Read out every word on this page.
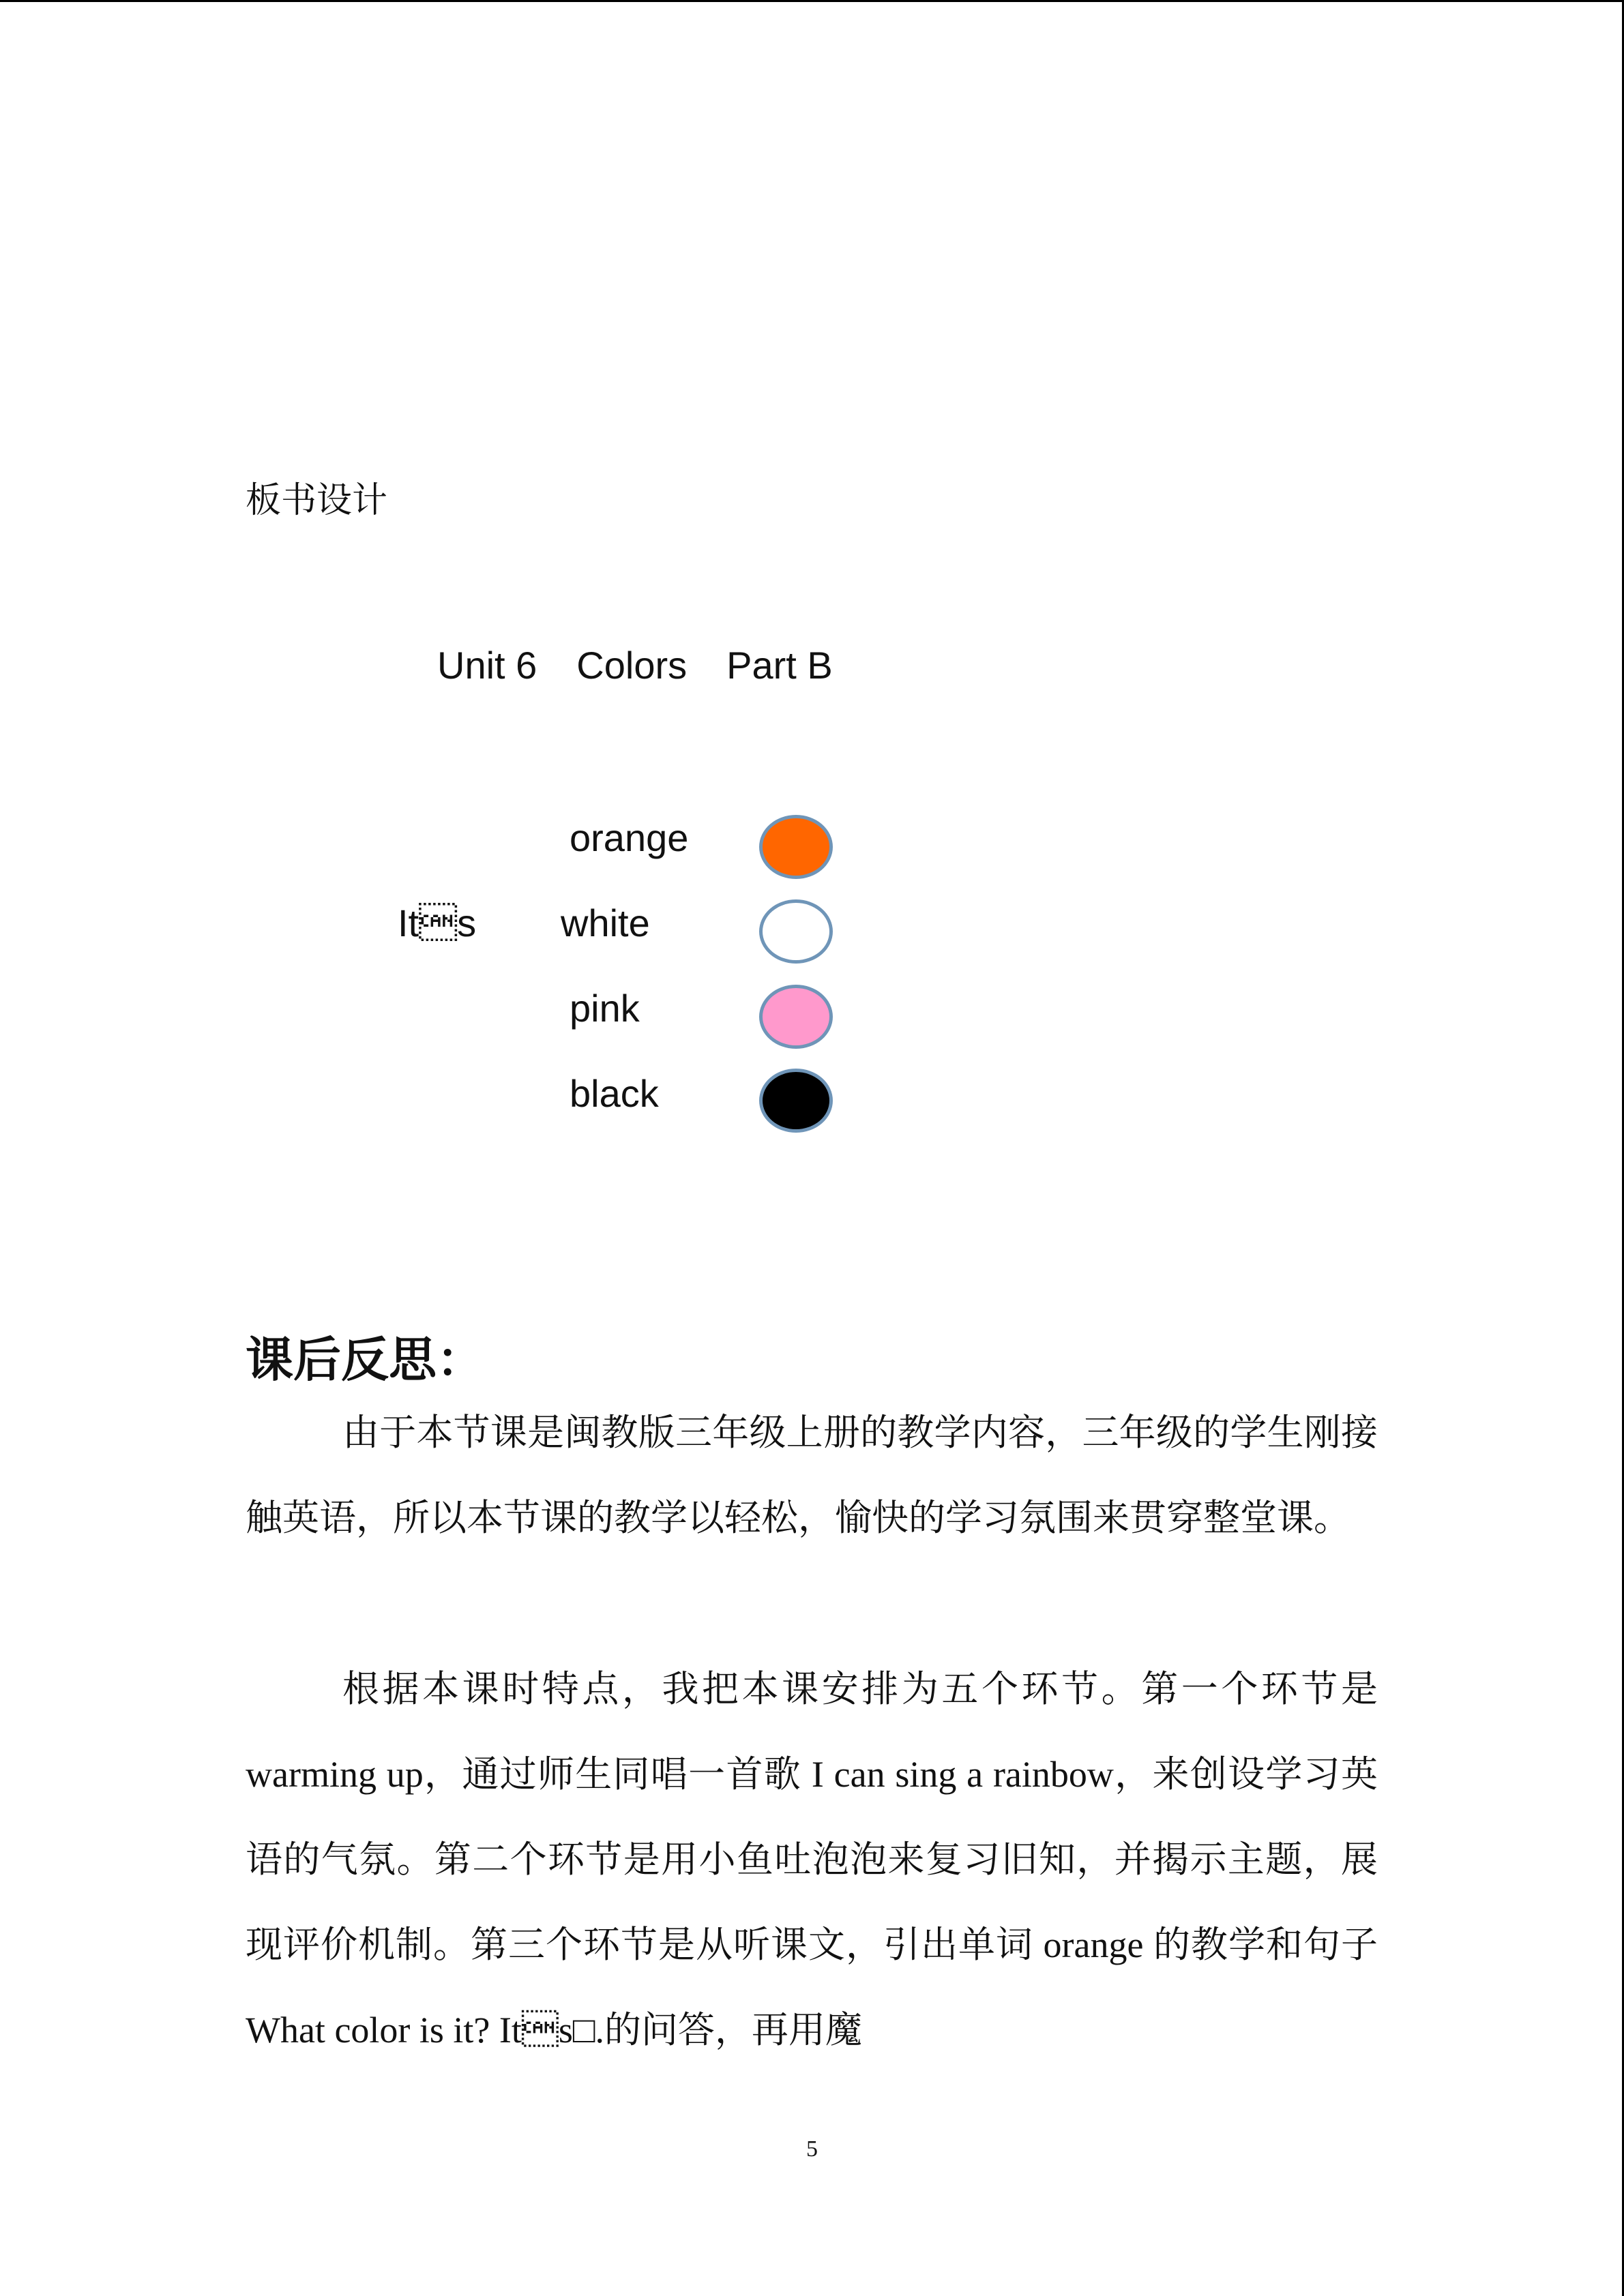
板书设计
Unit 6 Colors Part B
Its
orange
white
pink
black
课后反思：
由于本节课是闽教版三年级上册的教学内容，三年级的学生刚接触英语，所以本节课的教学以轻松，愉快的学习氛围来贯穿整堂课。
根据本课时特点，我把本课安排为五个环节。第一个环节是 warming up，通过师生同唱一首歌 I can sing a rainbow，来创设学习英语的气氛。第二个环节是用小鱼吐泡泡来复习旧知，并揭示主题，展现评价机制。第三个环节是从听课文，引出单词 orange 的教学和句子 What color is it? Its□.的问答，再用魔
5
